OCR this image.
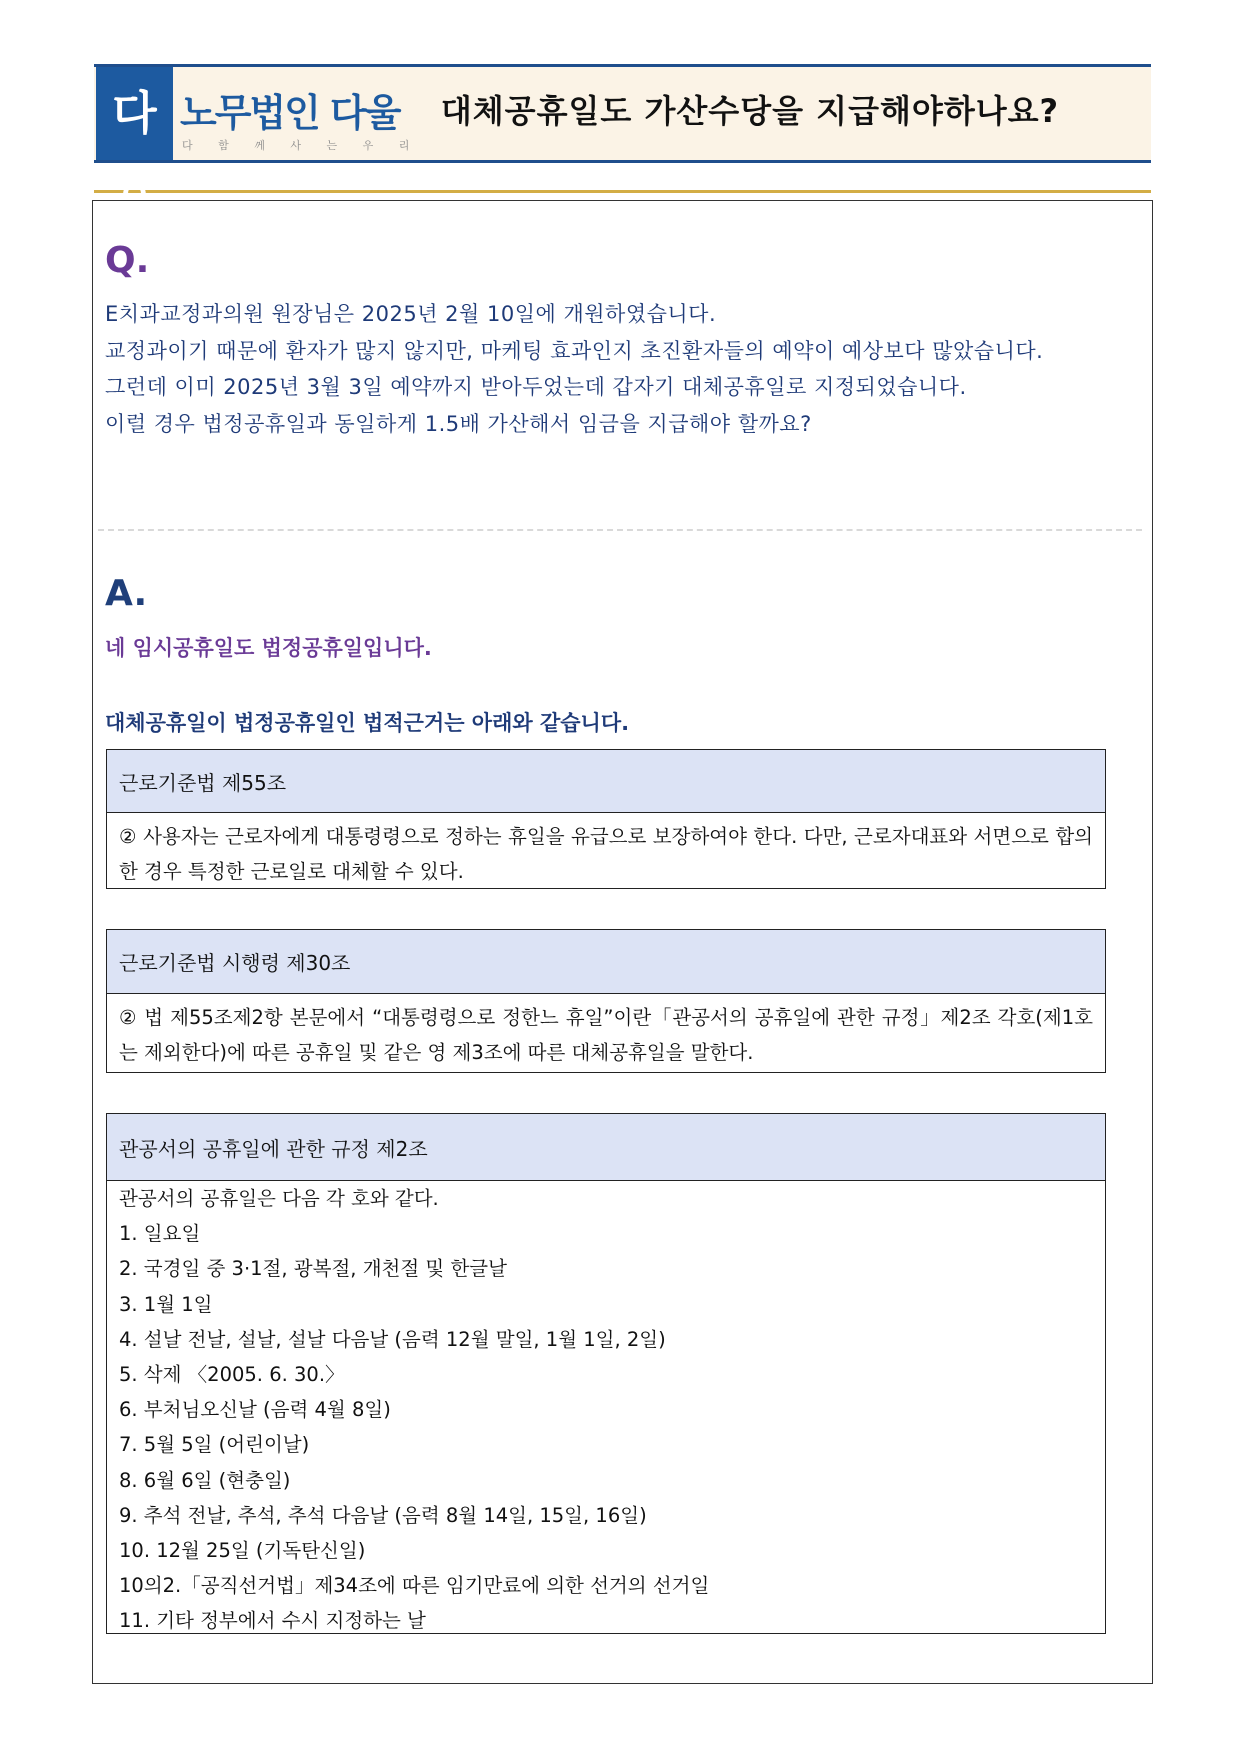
다음
노무법인 다울
다 함 께 사 는 우 리
대체공휴일도 가산수당을 지급해야하나요?
Q.

E치과교정과의원 원장님은 2025년 2월 10일에 개원하였습니다.

교정과이기 때문에 환자가 많지 않지만, 마케팅 효과인지 초진환자들의 예약이 예상보다 많았습니다.

그런데 이미 2025년 3월 3일 예약까지 받아두었는데 갑자기 대체공휴일로 지정되었습니다.

이럴 경우 법정공휴일과 동일하게 1.5배 가산해서 임금을 지급해야 할까요?

A.
네 임시공휴일도 법정공휴일입니다.
대체공휴일이 법정공휴일인 법적근거는 아래와 같습니다.
근로기준법 제55조

② 사용자는 근로자에게 대통령령으로 정하는 휴일을 유급으로 보장하여야 한다. 다만, 근로자대표와 서면으로 합의한 경우 특정한 근로일로 대체할 수 있다.

근로기준법 시행령 제30조

② 법 제55조제2항 본문에서 “대통령령으로 정한느 휴일”이란「관공서의 공휴일에 관한 규정」제2조 각호(제1호는 제외한다)에 따른 공휴일 및 같은 영 제3조에 따른 대체공휴일을 말한다.

관공서의 공휴일에 관한 규정 제2조

관공서의 공휴일은 다음 각 호와 같다.

1. 일요일

2. 국경일 중 3·1절, 광복절, 개천절 및 한글날

3. 1월 1일

4. 설날 전날, 설날, 설날 다음날 (음력 12월 말일, 1월 1일, 2일)

5. 삭제 〈2005. 6. 30.〉

6. 부처님오신날 (음력 4월 8일)

7. 5월 5일 (어린이날)

8. 6월 6일 (현충일)

9. 추석 전날, 추석, 추석 다음날 (음력 8월 14일, 15일, 16일)

10. 12월 25일 (기독탄신일)

10의2.「공직선거법」제34조에 따른 임기만료에 의한 선거의 선거일

11. 기타 정부에서 수시 지정하는 날
